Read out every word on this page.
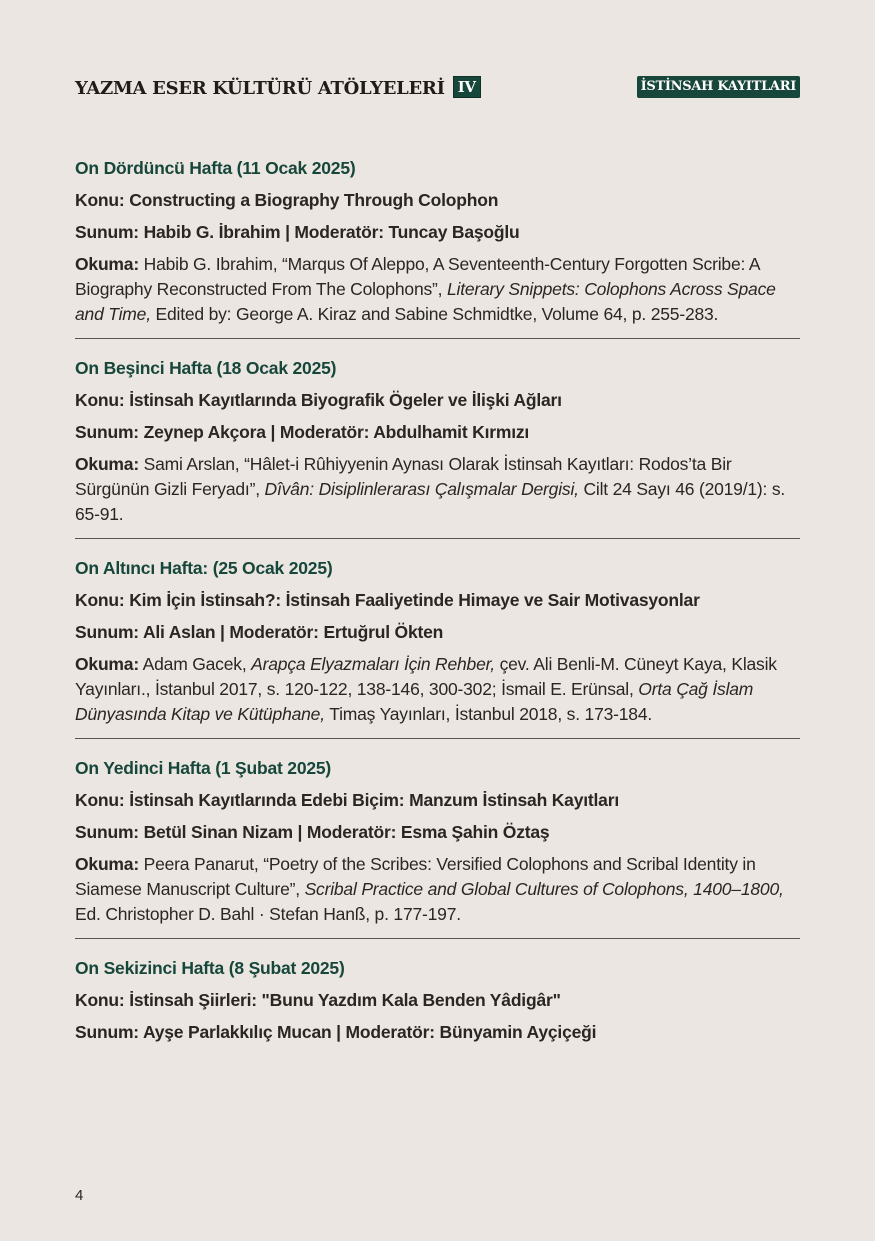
YAZMA ESER KÜLTÜRÜ ATÖLYELERİ IV	İSTİNSAH KAYITLARI
On Dördüncü Hafta (11 Ocak 2025)
Konu: Constructing a Biography Through Colophon
Sunum: Habib G. İbrahim | Moderatör: Tuncay Başoğlu

Okuma: Habib G. Ibrahim, “Marqus Of Aleppo, A Seventeenth-Century Forgotten Scribe: A Biography Reconstructed From The Colophons”, Literary Snippets: Colophons Across Space and Time, Edited by: George A. Kiraz and Sabine Schmidtke, Volume 64, p. 255-283.

On Beşinci Hafta (18 Ocak 2025)
Konu: İstinsah Kayıtlarında Biyografik Ögeler ve İlişki Ağları
Sunum: Zeynep Akçora | Moderatör: Abdulhamit Kırmızı

Okuma: Sami Arslan, “Hâlet-i Rûhiyyenin Aynası Olarak İstinsah Kayıtları: Rodos’ta Bir Sürgünün Gizli Feryadı”, Dîvân: Disiplinlerarası Çalışmalar Dergisi, Cilt 24 Sayı 46 (2019/1): s. 65-91.

On Altıncı Hafta: (25 Ocak 2025)
Konu: Kim İçin İstinsah?: İstinsah Faaliyetinde Himaye ve Sair Motivasyonlar
Sunum: Ali Aslan | Moderatör: Ertuğrul Ökten

Okuma: Adam Gacek, Arapça Elyazmaları İçin Rehber, çev. Ali Benli-M. Cüneyt Kaya, Klasik Yayınları., İstanbul 2017, s. 120-122, 138-146, 300-302; İsmail E. Erünsal, Orta Çağ İslam Dünyasında Kitap ve Kütüphane, Timaş Yayınları, İstanbul 2018, s. 173-184.

On Yedinci Hafta (1 Şubat 2025)
Konu: İstinsah Kayıtlarında Edebi Biçim: Manzum İstinsah Kayıtları
Sunum: Betül Sinan Nizam | Moderatör: Esma Şahin Öztaş

Okuma: Peera Panarut, “Poetry of the Scribes: Versified Colophons and Scribal Identity in Siamese Manuscript Culture”, Scribal Practice and Global Cultures of Colophons, 1400–1800, Ed. Christopher D. Bahl · Stefan Hanß, p. 177-197.

On Sekizinci Hafta (8 Şubat 2025)
Konu: İstinsah Şiirleri: "Bunu Yazdım Kala Benden Yâdigâr"
Sunum: Ayşe Parlakkılıç Mucan | Moderatör: Bünyamin Ayçiçeği
4
